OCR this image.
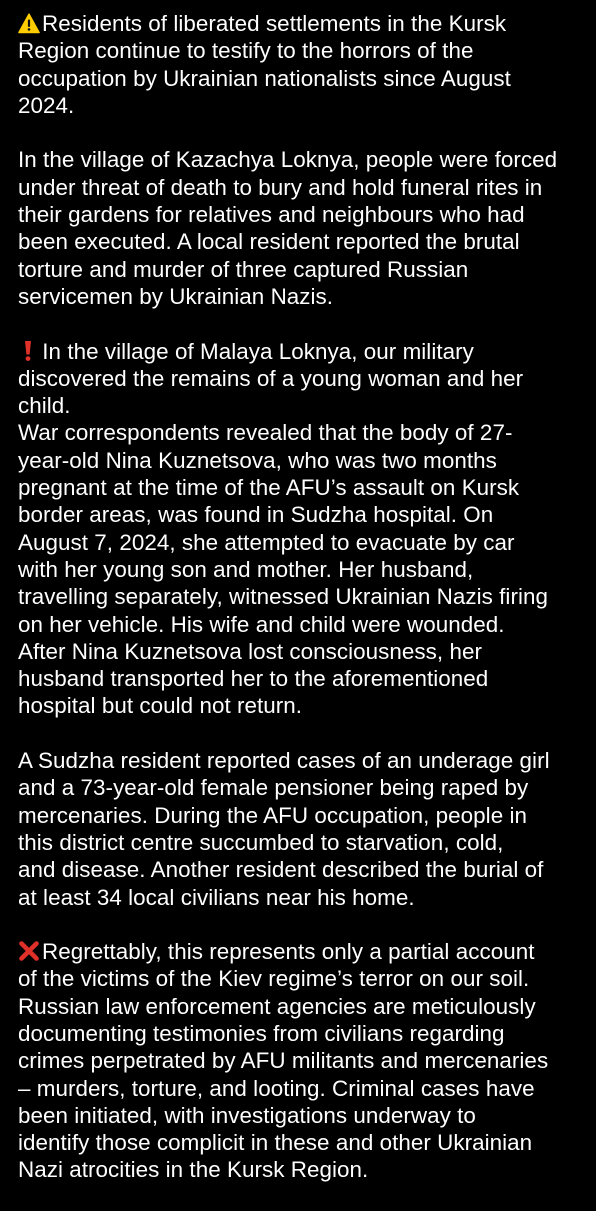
Residents of liberated settlements in the Kursk
Region continue to testify to the horrors of the
occupation by Ukrainian nationalists since August
2024.
In the village of Kazachya Loknya, people were forced
under threat of death to bury and hold funeral rites in
their gardens for relatives and neighbours who had
been executed. A local resident reported the brutal
torture and murder of three captured Russian
servicemen by Ukrainian Nazis.
In the village of Malaya Loknya, our military
discovered the remains of a young woman and her
child.
War correspondents revealed that the body of 27-
year-old Nina Kuznetsova, who was two months
pregnant at the time of the AFU’s assault on Kursk
border areas, was found in Sudzha hospital. On
August 7, 2024, she attempted to evacuate by car
with her young son and mother. Her husband,
travelling separately, witnessed Ukrainian Nazis firing
on her vehicle. His wife and child were wounded.
After Nina Kuznetsova lost consciousness, her
husband transported her to the aforementioned
hospital but could not return.
A Sudzha resident reported cases of an underage girl
and a 73-year-old female pensioner being raped by
mercenaries. During the AFU occupation, people in
this district centre succumbed to starvation, cold,
and disease. Another resident described the burial of
at least 34 local civilians near his home.
Regrettably, this represents only a partial account
of the victims of the Kiev regime’s terror on our soil.
Russian law enforcement agencies are meticulously
documenting testimonies from civilians regarding
crimes perpetrated by AFU militants and mercenaries
– murders, torture, and looting. Criminal cases have
been initiated, with investigations underway to
identify those complicit in these and other Ukrainian
Nazi atrocities in the Kursk Region.
